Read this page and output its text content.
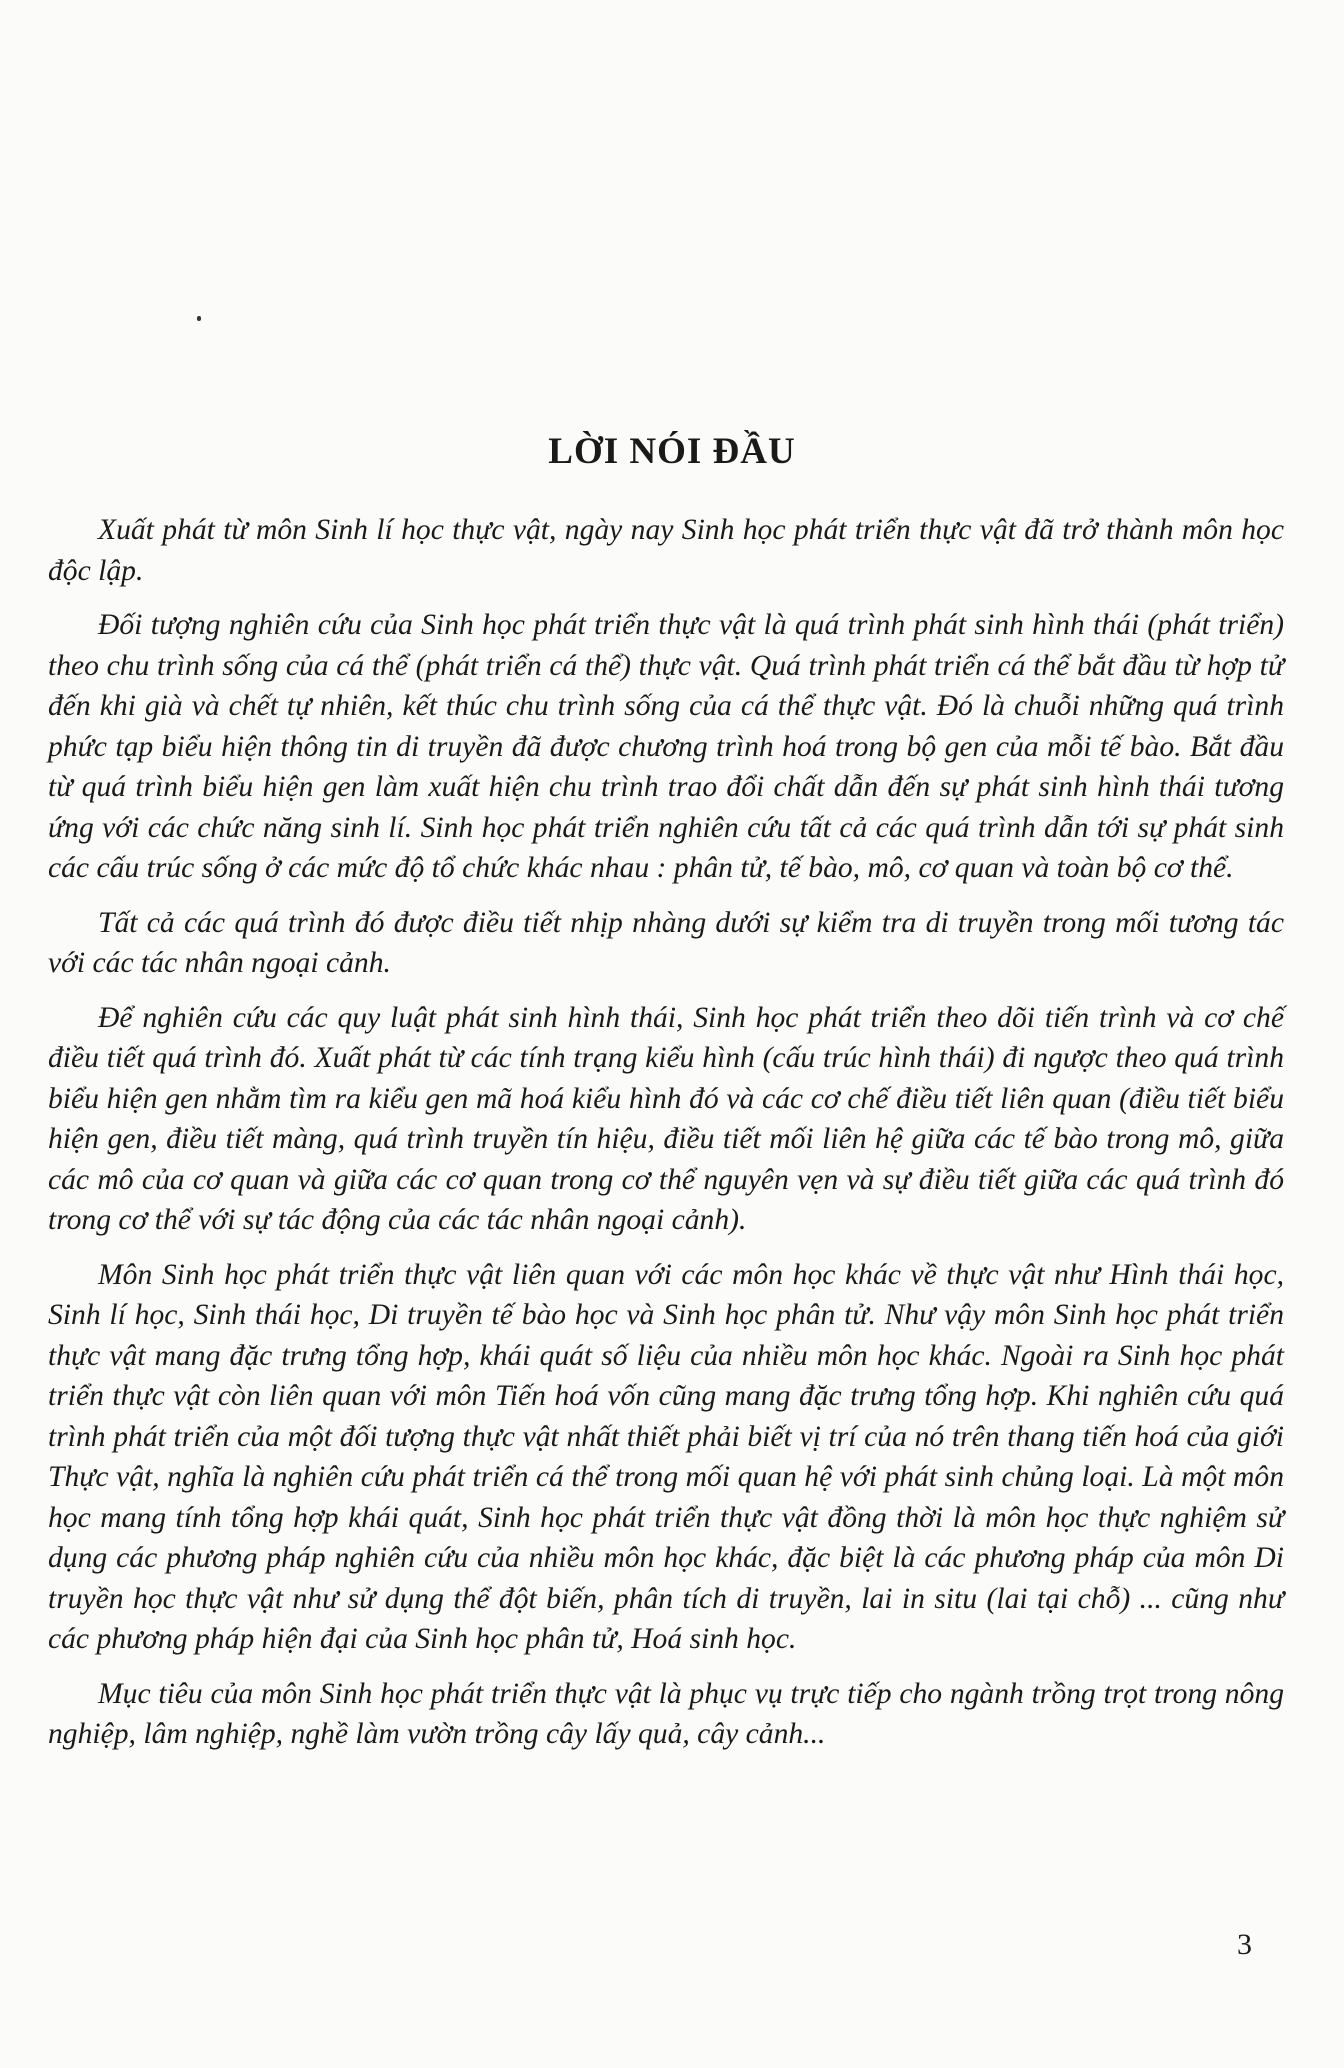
LỜI NÓI ĐẦU

Xuất phát từ môn Sinh lí học thực vật, ngày nay Sinh học phát triển thực vật đã trở thành môn học độc lập.

Đối tượng nghiên cứu của Sinh học phát triển thực vật là quá trình phát sinh hình thái (phát triển) theo chu trình sống của cá thể (phát triển cá thể) thực vật. Quá trình phát triển cá thể bắt đầu từ hợp tử đến khi già và chết tự nhiên, kết thúc chu trình sống của cá thể thực vật. Đó là chuỗi những quá trình phức tạp biểu hiện thông tin di truyền đã được chương trình hoá trong bộ gen của mỗi tế bào. Bắt đầu từ quá trình biểu hiện gen làm xuất hiện chu trình trao đổi chất dẫn đến sự phát sinh hình thái tương ứng với các chức năng sinh lí. Sinh học phát triển nghiên cứu tất cả các quá trình dẫn tới sự phát sinh các cấu trúc sống ở các mức độ tổ chức khác nhau : phân tử, tế bào, mô, cơ quan và toàn bộ cơ thể.

Tất cả các quá trình đó được điều tiết nhịp nhàng dưới sự kiểm tra di truyền trong mối tương tác với các tác nhân ngoại cảnh.

Để nghiên cứu các quy luật phát sinh hình thái, Sinh học phát triển theo dõi tiến trình và cơ chế điều tiết quá trình đó. Xuất phát từ các tính trạng kiểu hình (cấu trúc hình thái) đi ngược theo quá trình biểu hiện gen nhằm tìm ra kiểu gen mã hoá kiểu hình đó và các cơ chế điều tiết liên quan (điều tiết biểu hiện gen, điều tiết màng, quá trình truyền tín hiệu, điều tiết mối liên hệ giữa các tế bào trong mô, giữa các mô của cơ quan và giữa các cơ quan trong cơ thể nguyên vẹn và sự điều tiết giữa các quá trình đó trong cơ thể với sự tác động của các tác nhân ngoại cảnh).

Môn Sinh học phát triển thực vật liên quan với các môn học khác về thực vật như Hình thái học, Sinh lí học, Sinh thái học, Di truyền tế bào học và Sinh học phân tử. Như vậy môn Sinh học phát triển thực vật mang đặc trưng tổng hợp, khái quát số liệu của nhiều môn học khác. Ngoài ra Sinh học phát triển thực vật còn liên quan với môn Tiến hoá vốn cũng mang đặc trưng tổng hợp. Khi nghiên cứu quá trình phát triển của một đối tượng thực vật nhất thiết phải biết vị trí của nó trên thang tiến hoá của giới Thực vật, nghĩa là nghiên cứu phát triển cá thể trong mối quan hệ với phát sinh chủng loại. Là một môn học mang tính tổng hợp khái quát, Sinh học phát triển thực vật đồng thời là môn học thực nghiệm sử dụng các phương pháp nghiên cứu của nhiều môn học khác, đặc biệt là các phương pháp của môn Di truyền học thực vật như sử dụng thể đột biến, phân tích di truyền, lai in situ (lai tại chỗ) ... cũng như các phương pháp hiện đại của Sinh học phân tử, Hoá sinh học.

Mục tiêu của môn Sinh học phát triển thực vật là phục vụ trực tiếp cho ngành trồng trọt trong nông nghiệp, lâm nghiệp, nghề làm vườn trồng cây lấy quả, cây cảnh...

3
